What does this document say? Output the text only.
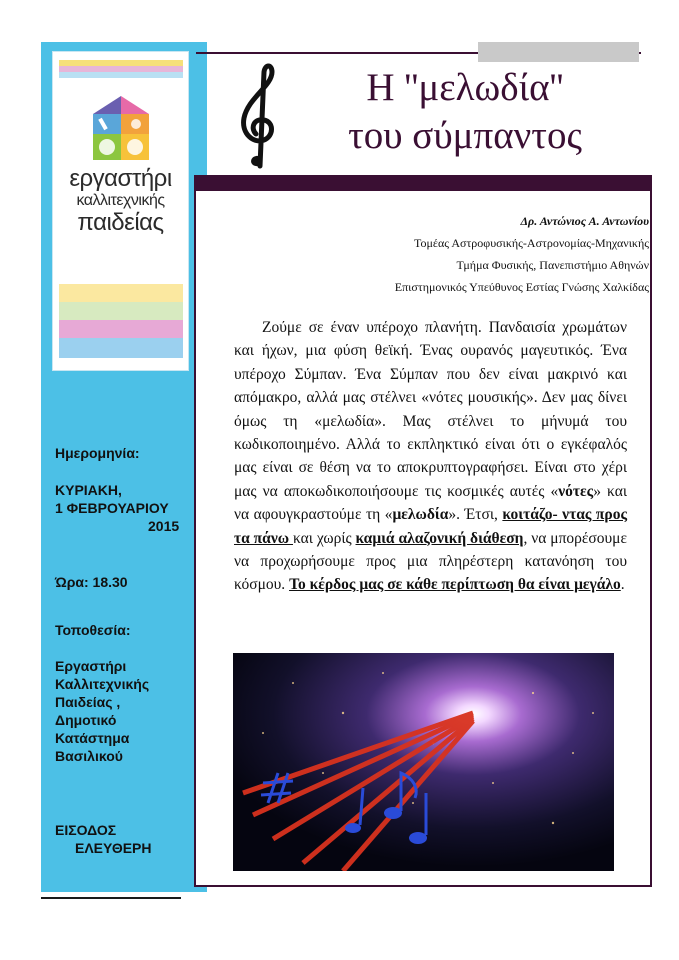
εργαστήρι
καλλιτεχνικής
παιδείας
Ημερομηνία:
ΚΥΡΙΑΚΗ,
1 ΦΕΒΡΟΥΑΡΙΟΥ
2015
Ώρα: 18.30
Τοποθεσία:
Εργαστήρι
Καλλιτεχνικής
Παιδείας ,
Δημοτικό
Κατάστημα
Βασιλικού
ΕΙΣΟΔΟΣ
ΕΛΕΥΘΕΡΗ
Η ''μελωδία''
του σύμπαντος
Δρ. Αντώνιος Α. Αντωνίου
Τομέας Αστροφυσικής-Αστρονομίας-Μηχανικής
Τμήμα Φυσικής, Πανεπιστήμιο Αθηνών
Επιστημονικός Υπεύθυνος Εστίας Γνώσης Χαλκίδας

Ζούμε σε έναν υπέροχο πλανήτη. Πανδαισία χρωμάτων και ήχων, μια φύση θεϊκή. Ένας ουρανός μαγευτικός. Ένα υπέροχο Σύμπαν. Ένα Σύμπαν που δεν είναι μακρινό και απόμακρο, αλλά μας στέλνει «νότες μουσικής». Δεν μας δίνει όμως τη «μελωδία». Μας στέλνει το μήνυμά του κωδικοποιημένο. Αλλά το εκπληκτικό είναι ότι ο εγκέφαλός μας είναι σε θέση να το αποκρυπτογραφήσει. Είναι στο χέρι μας να αποκωδικοποιήσουμε τις κοσμικές αυτές «νότες» και να αφουγκραστούμε τη «μελωδία». Έτσι, κοιτάζο- ντας προς τα πάνω και χωρίς καμιά αλαζονική διάθεση, να μπορέσουμε να προχωρήσουμε προς μια πληρέστερη κατανόηση του κόσμου. Το κέρδος μας σε κάθε περίπτωση θα είναι μεγάλο.
